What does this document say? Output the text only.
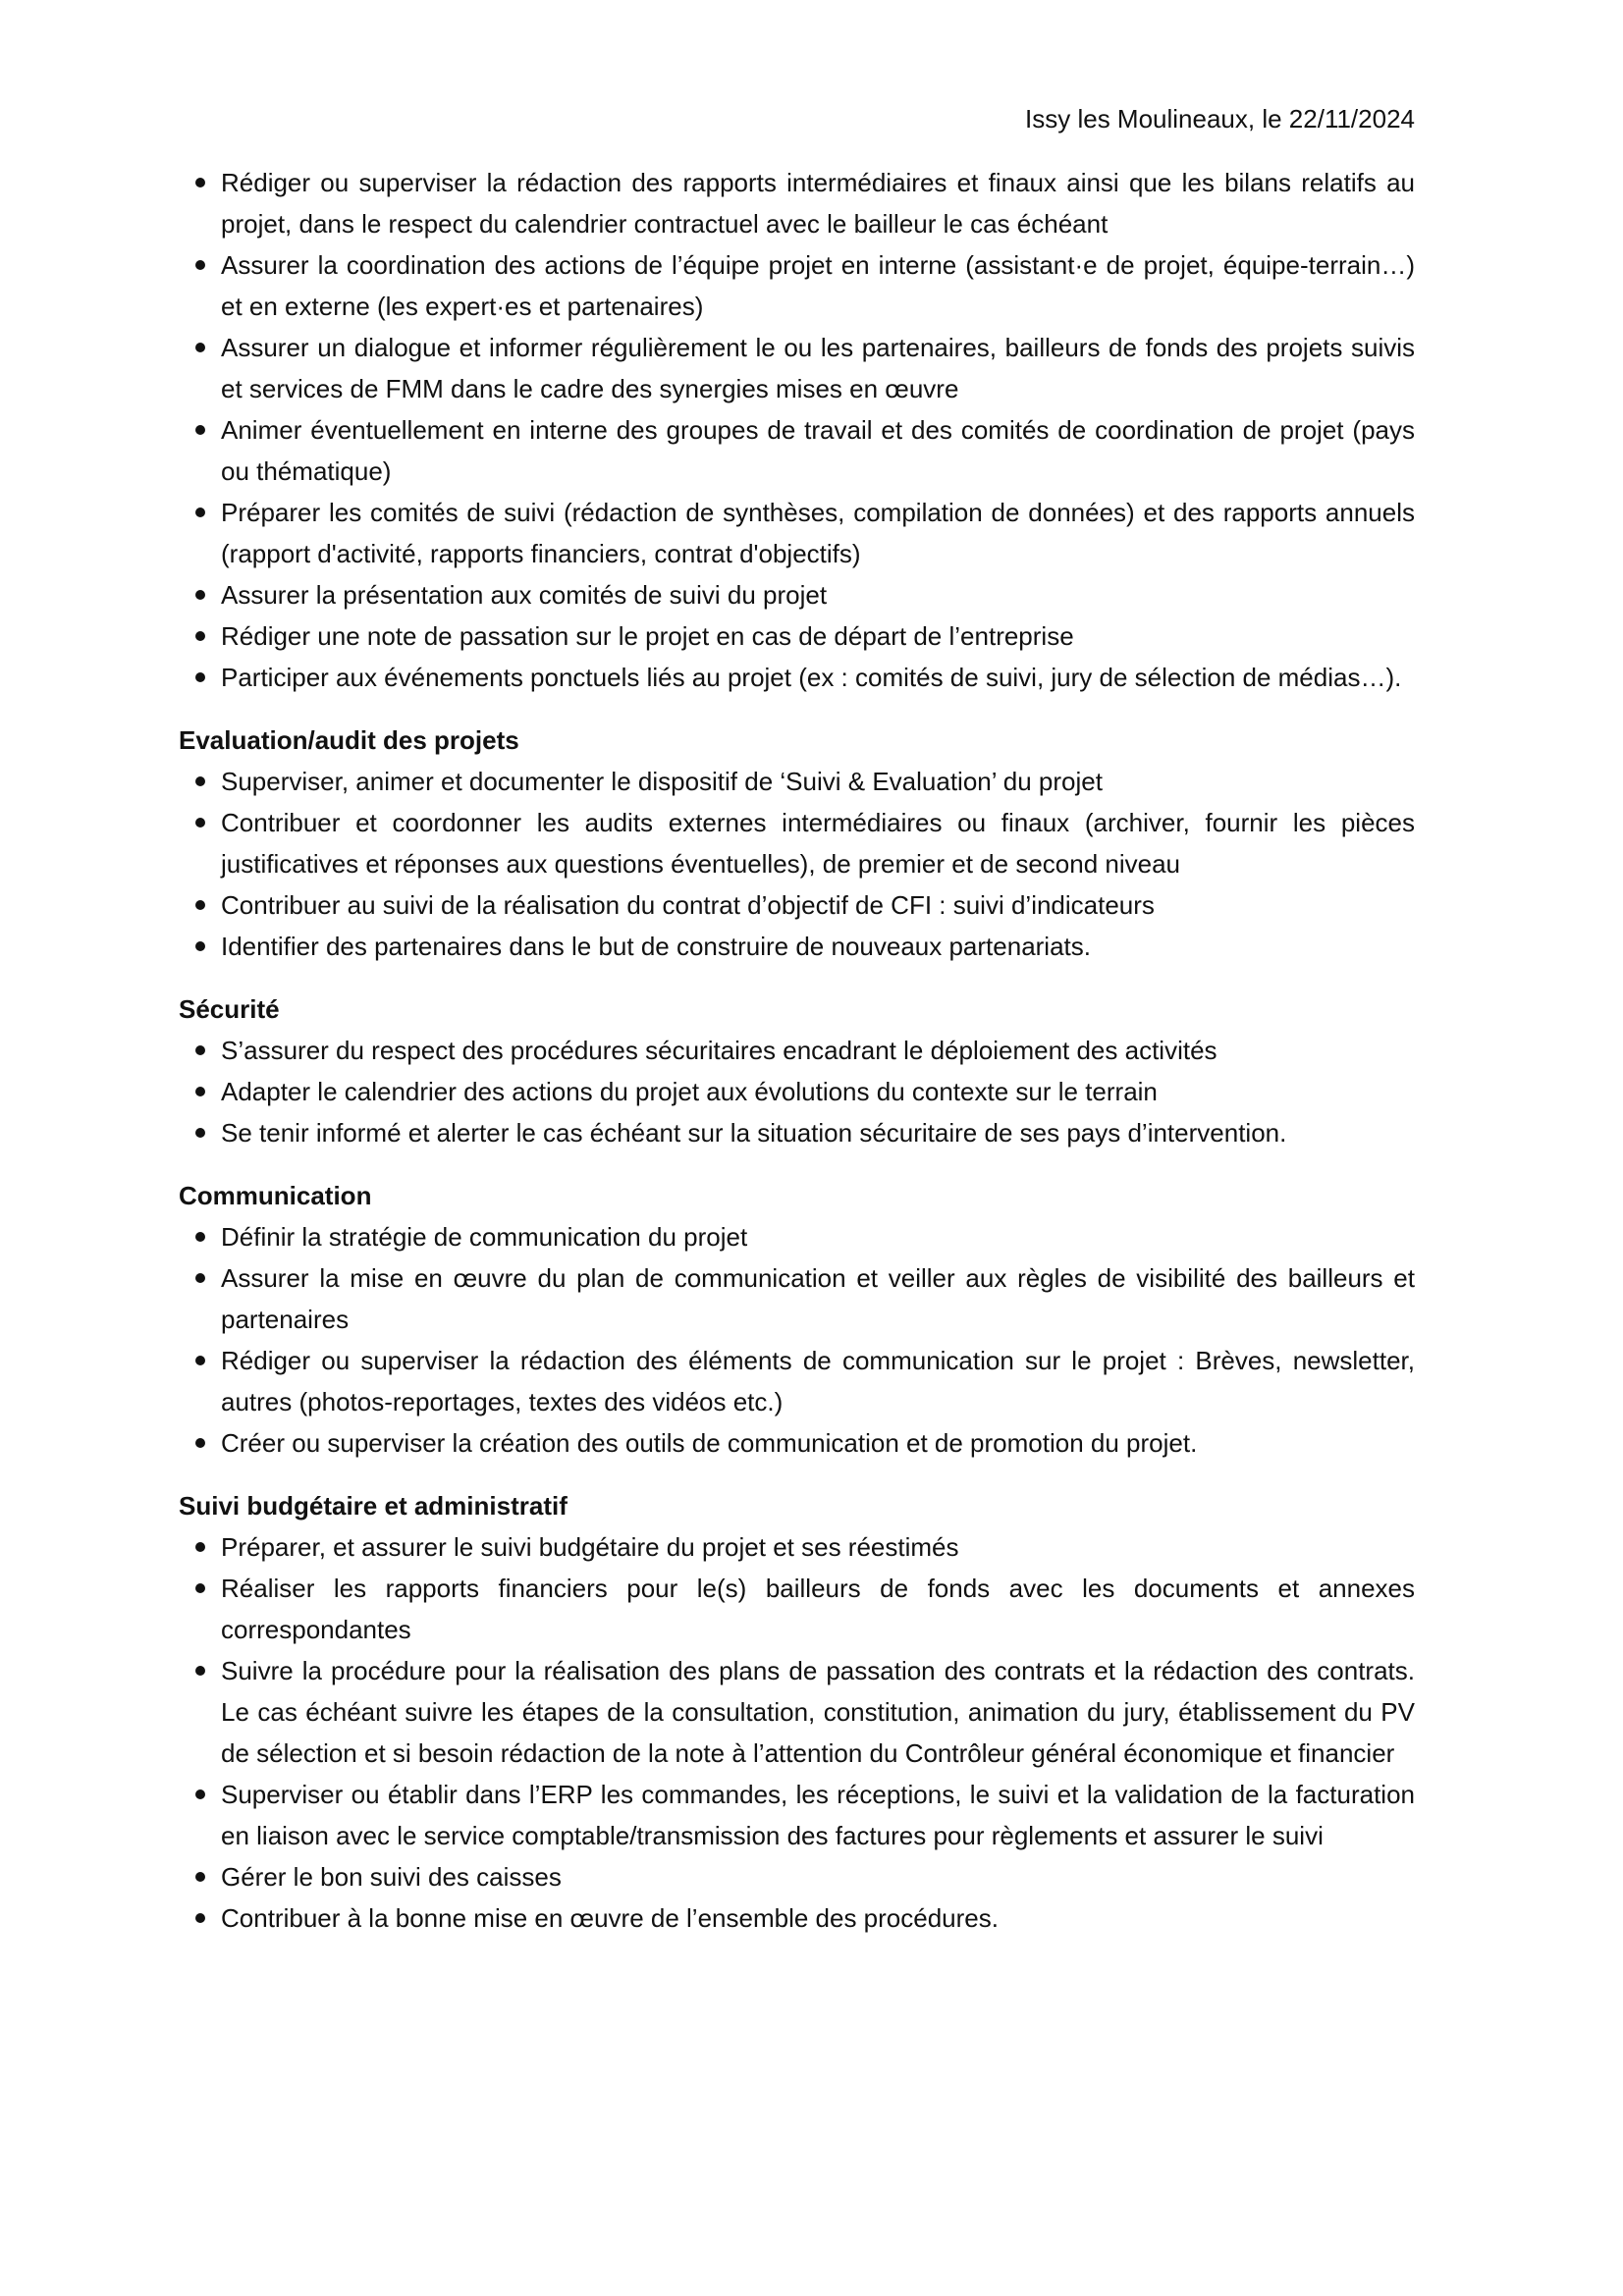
Issy les Moulineaux, le 22/11/2024
Rédiger ou superviser la rédaction des rapports intermédiaires et finaux ainsi que les bilans relatifs au projet, dans le respect du calendrier contractuel avec le bailleur le cas échéant
Assurer la coordination des actions de l’équipe projet en interne (assistant·e de projet, équipe-terrain…) et en externe (les expert·es et partenaires)
Assurer un dialogue et informer régulièrement le ou les partenaires, bailleurs de fonds des projets suivis et services de FMM dans le cadre des synergies mises en œuvre
Animer éventuellement en interne des groupes de travail et des comités de coordination de projet (pays ou thématique)
Préparer les comités de suivi (rédaction de synthèses, compilation de données) et des rapports annuels (rapport d'activité, rapports financiers, contrat d'objectifs)
Assurer la présentation aux comités de suivi du projet
Rédiger une note de passation sur le projet en cas de départ de l’entreprise
Participer aux événements ponctuels liés au projet (ex : comités de suivi, jury de sélection de médias…).
Evaluation/audit des projets
Superviser, animer et documenter le dispositif de ‘Suivi & Evaluation’ du projet
Contribuer et coordonner les audits externes intermédiaires ou finaux (archiver, fournir les pièces justificatives et réponses aux questions éventuelles), de premier et de second niveau
Contribuer au suivi de la réalisation du contrat d’objectif de CFI : suivi d’indicateurs
Identifier des partenaires dans le but de construire de nouveaux partenariats.
Sécurité
S’assurer du respect des procédures sécuritaires encadrant le déploiement des activités
Adapter le calendrier des actions du projet aux évolutions du contexte sur le terrain
Se tenir informé et alerter le cas échéant sur la situation sécuritaire de ses pays d’intervention.
Communication
Définir la stratégie de communication du projet
Assurer la mise en œuvre du plan de communication et veiller aux règles de visibilité des bailleurs et partenaires
Rédiger ou superviser la rédaction des éléments de communication sur le projet : Brèves, newsletter, autres (photos-reportages, textes des vidéos etc.)
Créer ou superviser la création des outils de communication et de promotion du projet.
Suivi budgétaire et administratif
Préparer, et assurer le suivi budgétaire du projet et ses réestimés
Réaliser les rapports financiers pour le(s) bailleurs de fonds avec les documents et annexes correspondantes
Suivre la procédure pour la réalisation des plans de passation des contrats et la rédaction des contrats. Le cas échéant suivre les étapes de la consultation, constitution, animation du jury, établissement du PV de sélection et si besoin rédaction de la note à l’attention du Contrôleur général économique et financier
Superviser ou établir dans l’ERP les commandes, les réceptions, le suivi et la validation de la facturation en liaison avec le service comptable/transmission des factures pour règlements et assurer le suivi
Gérer le bon suivi des caisses
Contribuer à la bonne mise en œuvre de l’ensemble des procédures.
